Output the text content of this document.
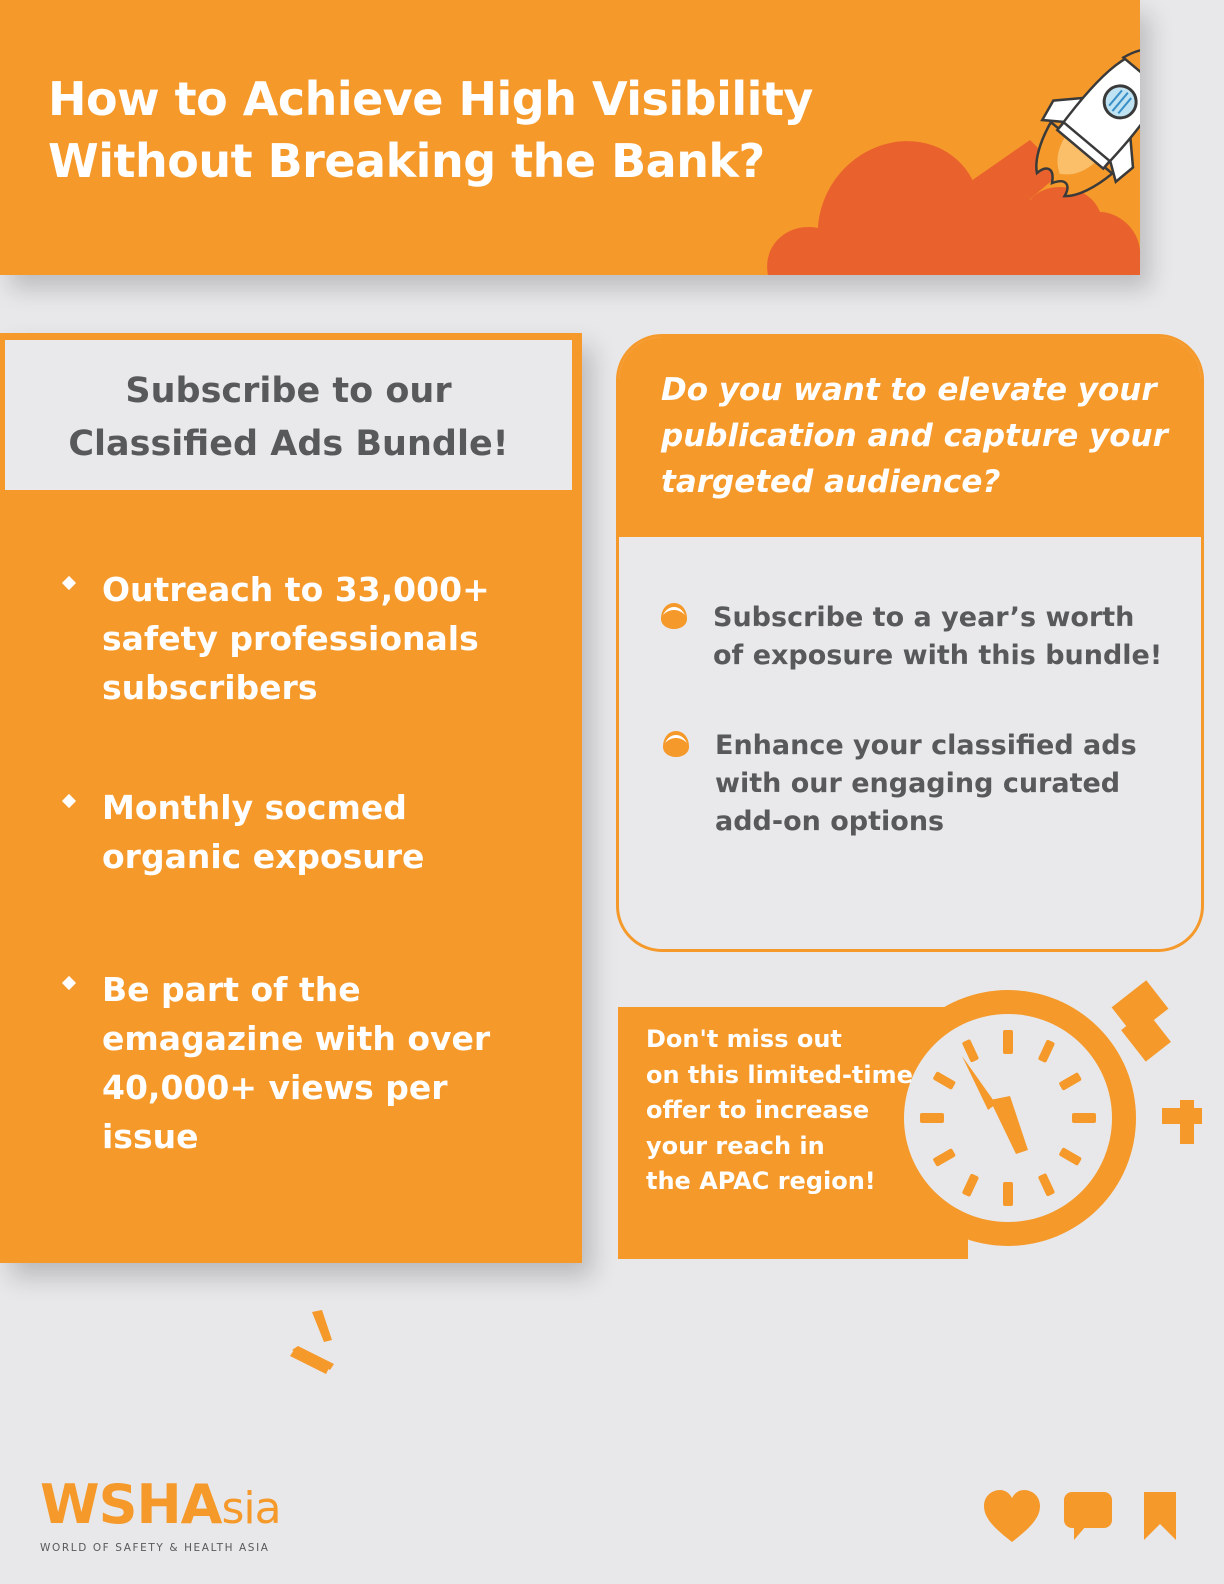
How to Achieve High Visibility
Without Breaking the Bank?
Subscribe to our
Classified Ads Bundle!
Outreach to 33,000+ safety professionals subscribers
Monthly socmed organic exposure
Be part of the emagazine with over 40,000+ views per issue
Do you want to elevate your publication and capture your targeted audience?
Subscribe to a year’s worth of exposure with this bundle!
Enhance your classified ads with our engaging curated add-on options
Don't miss out
on this limited-time
offer to increase
your reach in
the APAC region!
WSHAsia
WORLD OF SAFETY & HEALTH ASIA
